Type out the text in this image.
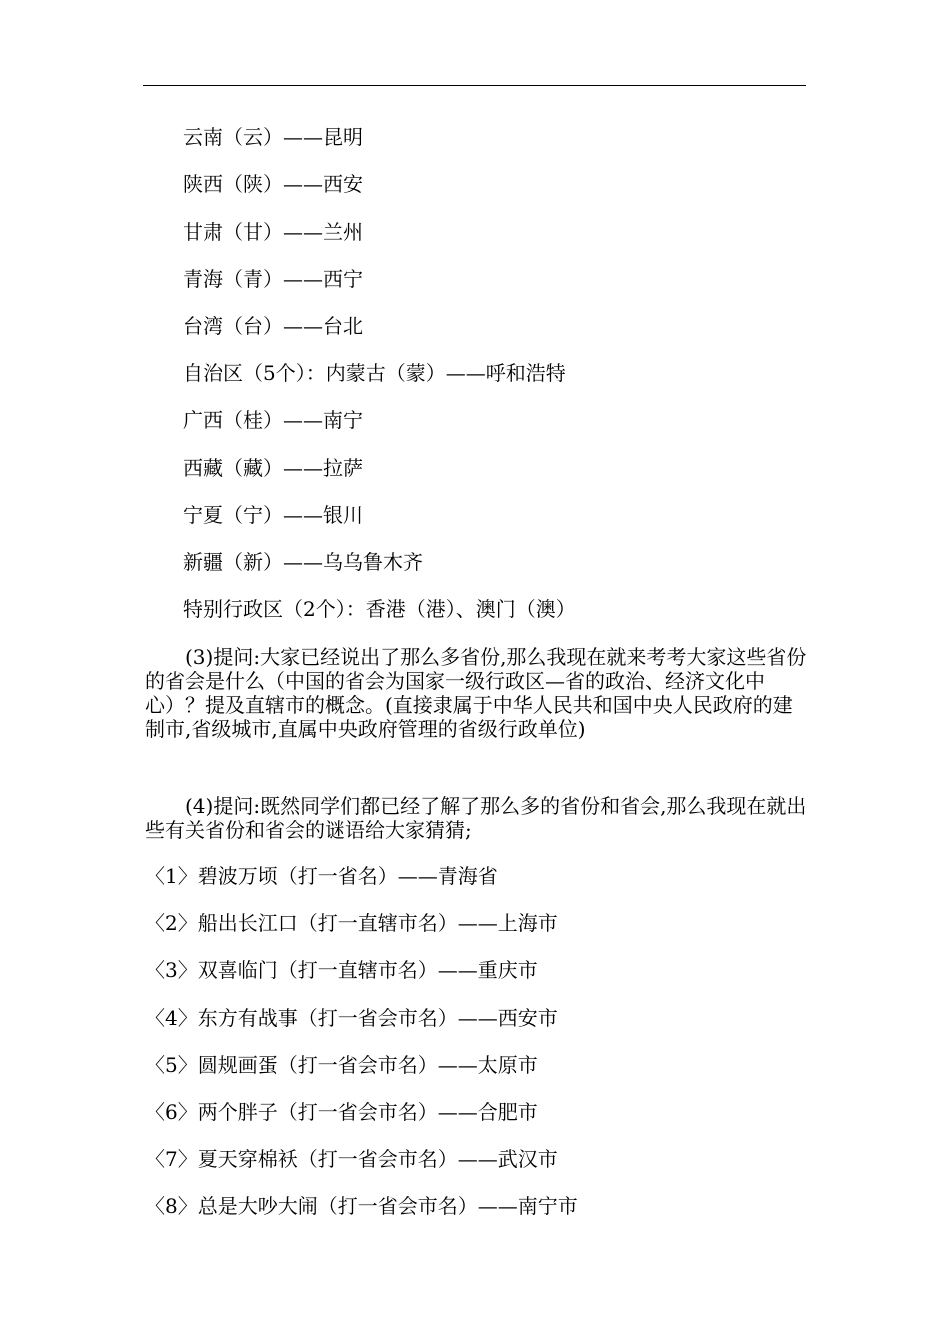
云南（云）——昆明
陕西（陕）——西安
甘肃（甘）——兰州
青海（青）——西宁
台湾（台）——台北
自治区（5个）：内蒙古（蒙）——呼和浩特
广西（桂）——南宁
西藏（藏）——拉萨
宁夏（宁）——银川
新疆（新）——乌乌鲁木齐
特别行政区（2个）：香港（港）、澳门（澳）

(3)提问:大家已经说出了那么多省份,那么我现在就来考考大家这些省份的省会是什么（中国的省会为国家一级行政区—省的政治、经济文化中心）？提及直辖市的概念。(直接隶属于中华人民共和国中央人民政府的建制市,省级城市,直属中央政府管理的省级行政单位)

(4)提问:既然同学们都已经了解了那么多的省份和省会,那么我现在就出些有关省份和省会的谜语给大家猜猜;

〈1〉碧波万顷（打一省名）——青海省
〈2〉船出长江口（打一直辖市名）——上海市
〈3〉双喜临门（打一直辖市名）——重庆市
〈4〉东方有战事（打一省会市名）——西安市
〈5〉圆规画蛋（打一省会市名）——太原市
〈6〉两个胖子（打一省会市名）——合肥市
〈7〉夏天穿棉袄（打一省会市名）——武汉市
〈8〉总是大吵大闹（打一省会市名）——南宁市
